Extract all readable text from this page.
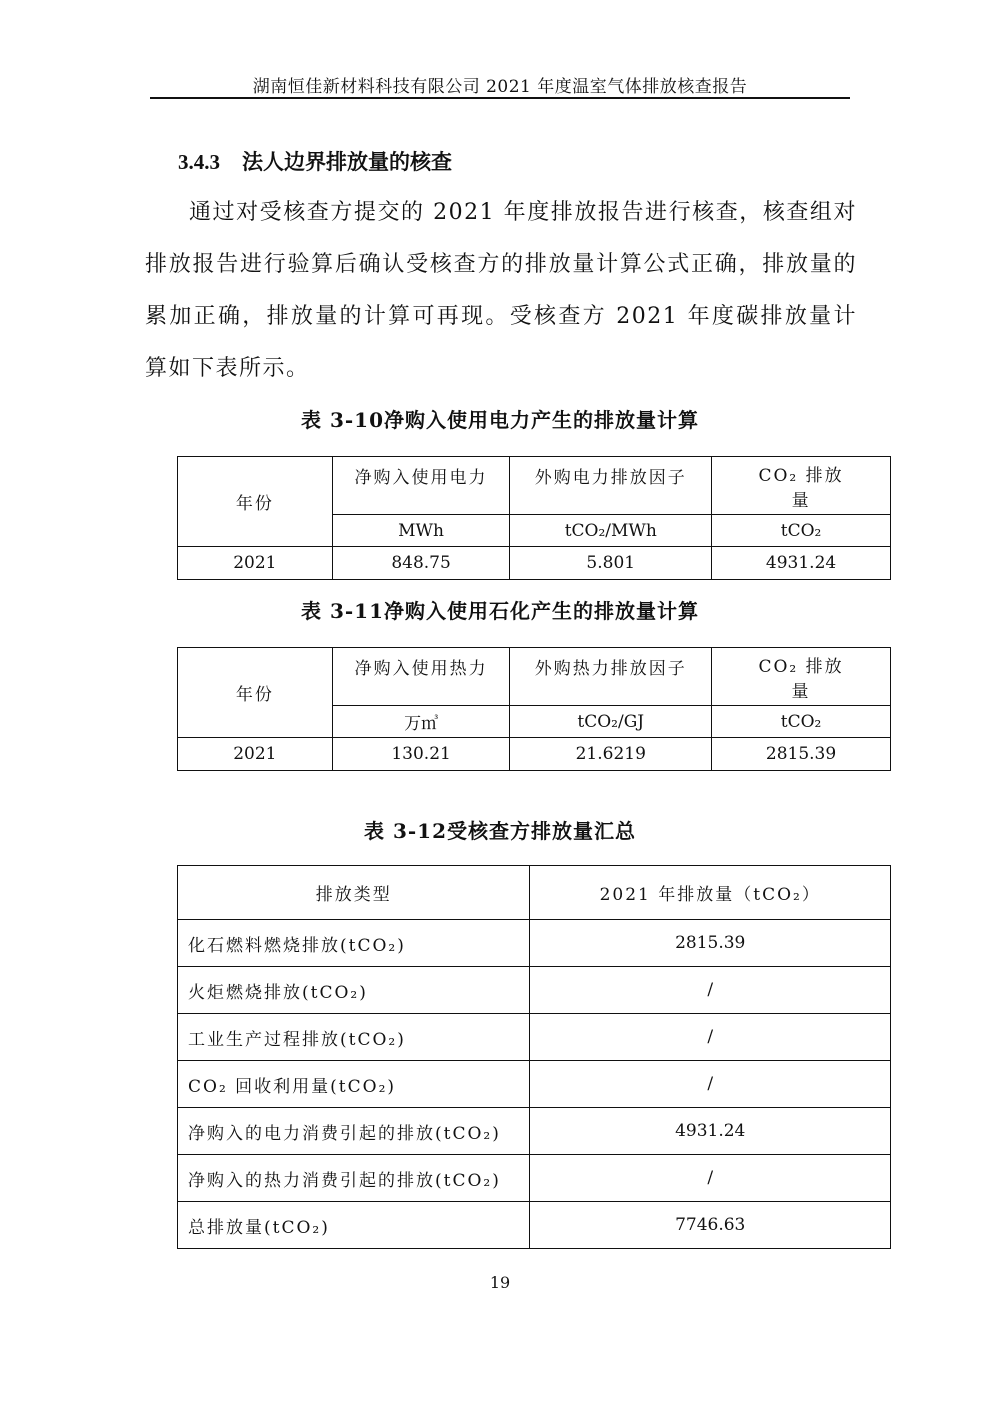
湖南恒佳新材料科技有限公司 2021 年度温室气体排放核查报告
3.4.3 法人边界排放量的核查
通过对受核查方提交的 2021 年度排放报告进行核查，核查组对排放报告进行验算后确认受核查方的排放量计算公式正确，排放量的累加正确，排放量的计算可再现。受核查方 2021 年度碳排放量计算如下表所示。
表 3-10净购入使用电力产生的排放量计算
年份	净购入使用电力	外购电力排放因子	CO₂ 排放量
	MWh	tCO₂/MWh	tCO₂
2021	848.75	5.801	4931.24
表 3-11净购入使用石化产生的排放量计算
年份	净购入使用热力	外购热力排放因子	CO₂ 排放量
	万㎥	tCO₂/GJ	tCO₂
2021	130.21	21.6219	2815.39
表 3-12受核查方排放量汇总
排放类型	2021 年排放量（tCO₂）
化石燃料燃烧排放(tCO₂)	2815.39
火炬燃烧排放(tCO₂)	/
工业生产过程排放(tCO₂)	/
CO₂ 回收利用量(tCO₂)	/
净购入的电力消费引起的排放(tCO₂)	4931.24
净购入的热力消费引起的排放(tCO₂)	/
总排放量(tCO₂)	7746.63
19
